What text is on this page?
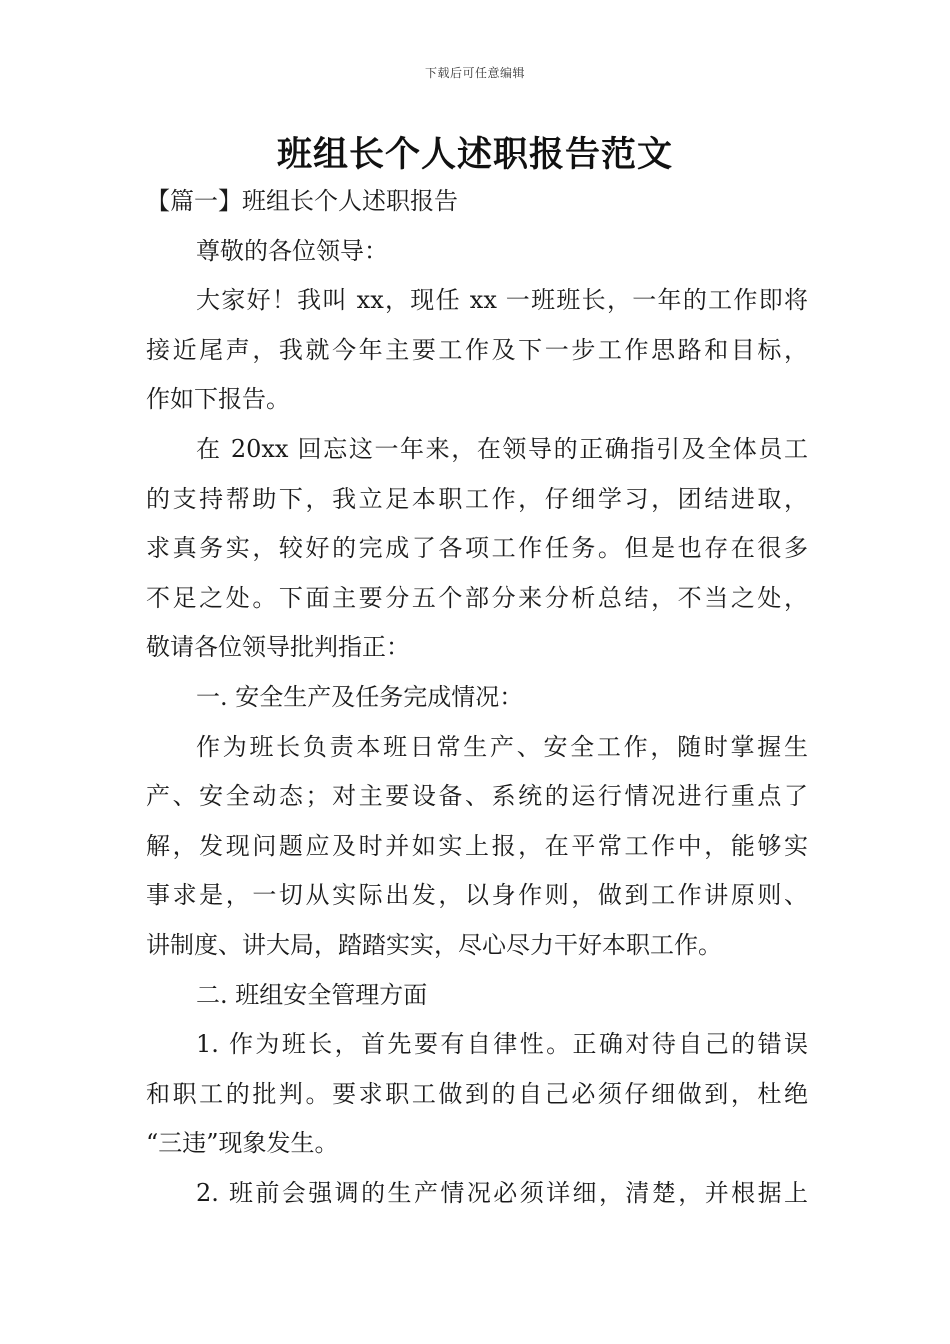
下载后可任意编辑
班组长个人述职报告范文
【篇一】班组长个人述职报告
尊敬的各位领导：
大家好！我叫 xx，现任 xx 一班班长，一年的工作即将
接近尾声，我就今年主要工作及下一步工作思路和目标，
作如下报告。
在 20xx 回忘这一年来，在领导的正确指引及全体员工
的支持帮助下，我立足本职工作，仔细学习，团结进取，
求真务实，较好的完成了各项工作任务。但是也存在很多
不足之处。下面主要分五个部分来分析总结，不当之处，
敬请各位领导批判指正：
一. 安全生产及任务完成情况：
作为班长负责本班日常生产、安全工作，随时掌握生
产、安全动态；对主要设备、系统的运行情况进行重点了
解，发现问题应及时并如实上报，在平常工作中，能够实
事求是，一切从实际出发，以身作则，做到工作讲原则、
讲制度、讲大局，踏踏实实，尽心尽力干好本职工作。
二. 班组安全管理方面
1. 作为班长，首先要有自律性。正确对待自己的错误
和职工的批判。要求职工做到的自己必须仔细做到，杜绝
“三违”现象发生。
2. 班前会强调的生产情况必须详细，清楚，并根据上
